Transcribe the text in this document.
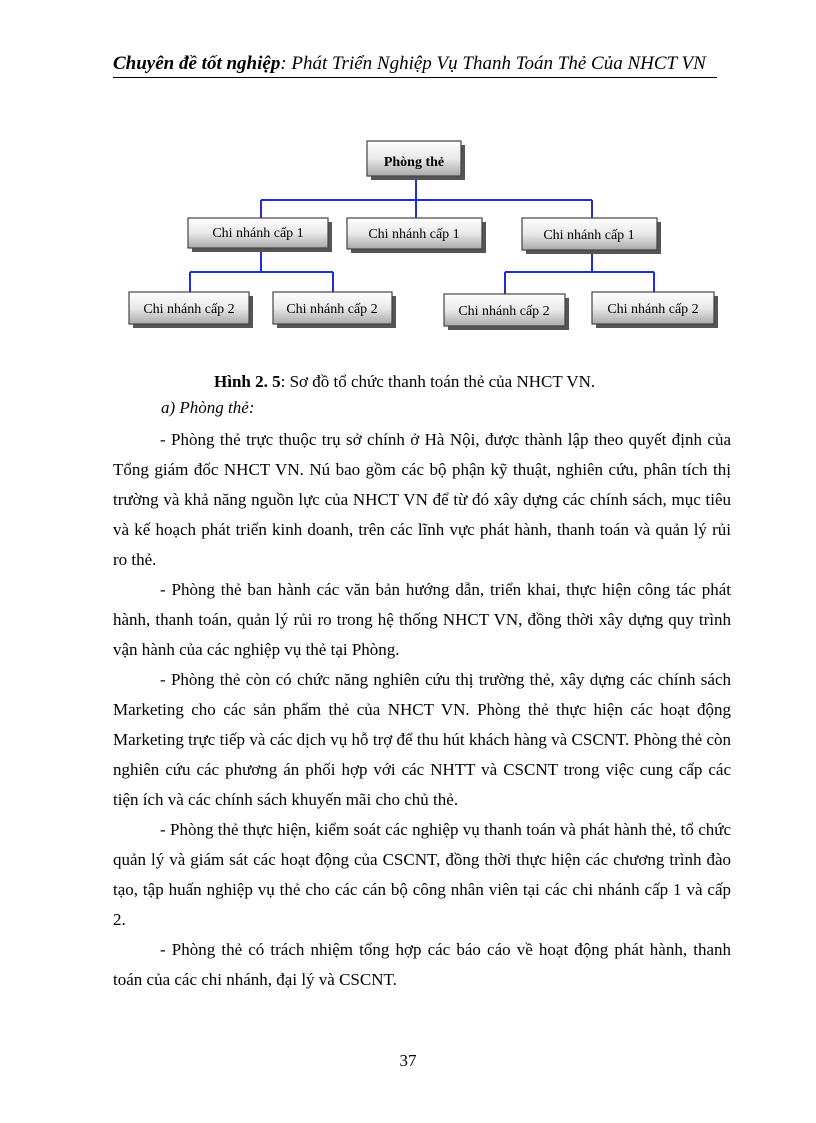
Chuyên đề tốt nghiệp: Phát Triển Nghiệp Vụ Thanh Toán Thẻ Của NHCT VN
Phòng thẻ
Chi nhánh cấp 1	Chi nhánh cấp 1	Chi nhánh cấp 1
Chi nhánh cấp 2	Chi nhánh cấp 2	Chi nhánh cấp 2	Chi nhánh cấp 2
Hình 2. 5: Sơ đồ tổ chức thanh toán thẻ của NHCT VN.
a) Phòng thẻ:

- Phòng thẻ trực thuộc trụ sở chính ở Hà Nội, được thành lập theo quyết định của Tổng giám đốc NHCT VN. Nú bao gồm các bộ phận kỹ thuật, nghiên cứu, phân tích thị trường và khả năng nguồn lực của NHCT VN để từ đó xây dựng các chính sách, mục tiêu và kế hoạch phát triển kinh doanh, trên các lĩnh vực phát hành, thanh toán và quản lý rủi ro thẻ.

- Phòng thẻ ban hành các văn bản hướng dẫn, triển khai, thực hiện công tác phát hành, thanh toán, quản lý rủi ro trong hệ thống NHCT VN, đồng thời xây dựng quy trình vận hành của các nghiệp vụ thẻ tại Phòng.

- Phòng thẻ còn có chức năng nghiên cứu thị trường thẻ, xây dựng các chính sách Marketing cho các sản phẩm thẻ của NHCT VN. Phòng thẻ thực hiện các hoạt động Marketing trực tiếp và các dịch vụ hỗ trợ để thu hút khách hàng và CSCNT. Phòng thẻ còn nghiên cứu các phương án phối hợp với các NHTT và CSCNT trong việc cung cấp các tiện ích và các chính sách khuyến mãi cho chủ thẻ.

- Phòng thẻ thực hiện, kiểm soát các nghiệp vụ thanh toán và phát hành thẻ, tổ chức quản lý và giám sát các hoạt động của CSCNT, đồng thời thực hiện các chương trình đào tạo, tập huấn nghiệp vụ thẻ cho các cán bộ công nhân viên tại các chi nhánh cấp 1 và cấp 2.

- Phòng thẻ có trách nhiệm tổng hợp các báo cáo về hoạt động phát hành, thanh toán của các chi nhánh, đại lý và CSCNT.

37
